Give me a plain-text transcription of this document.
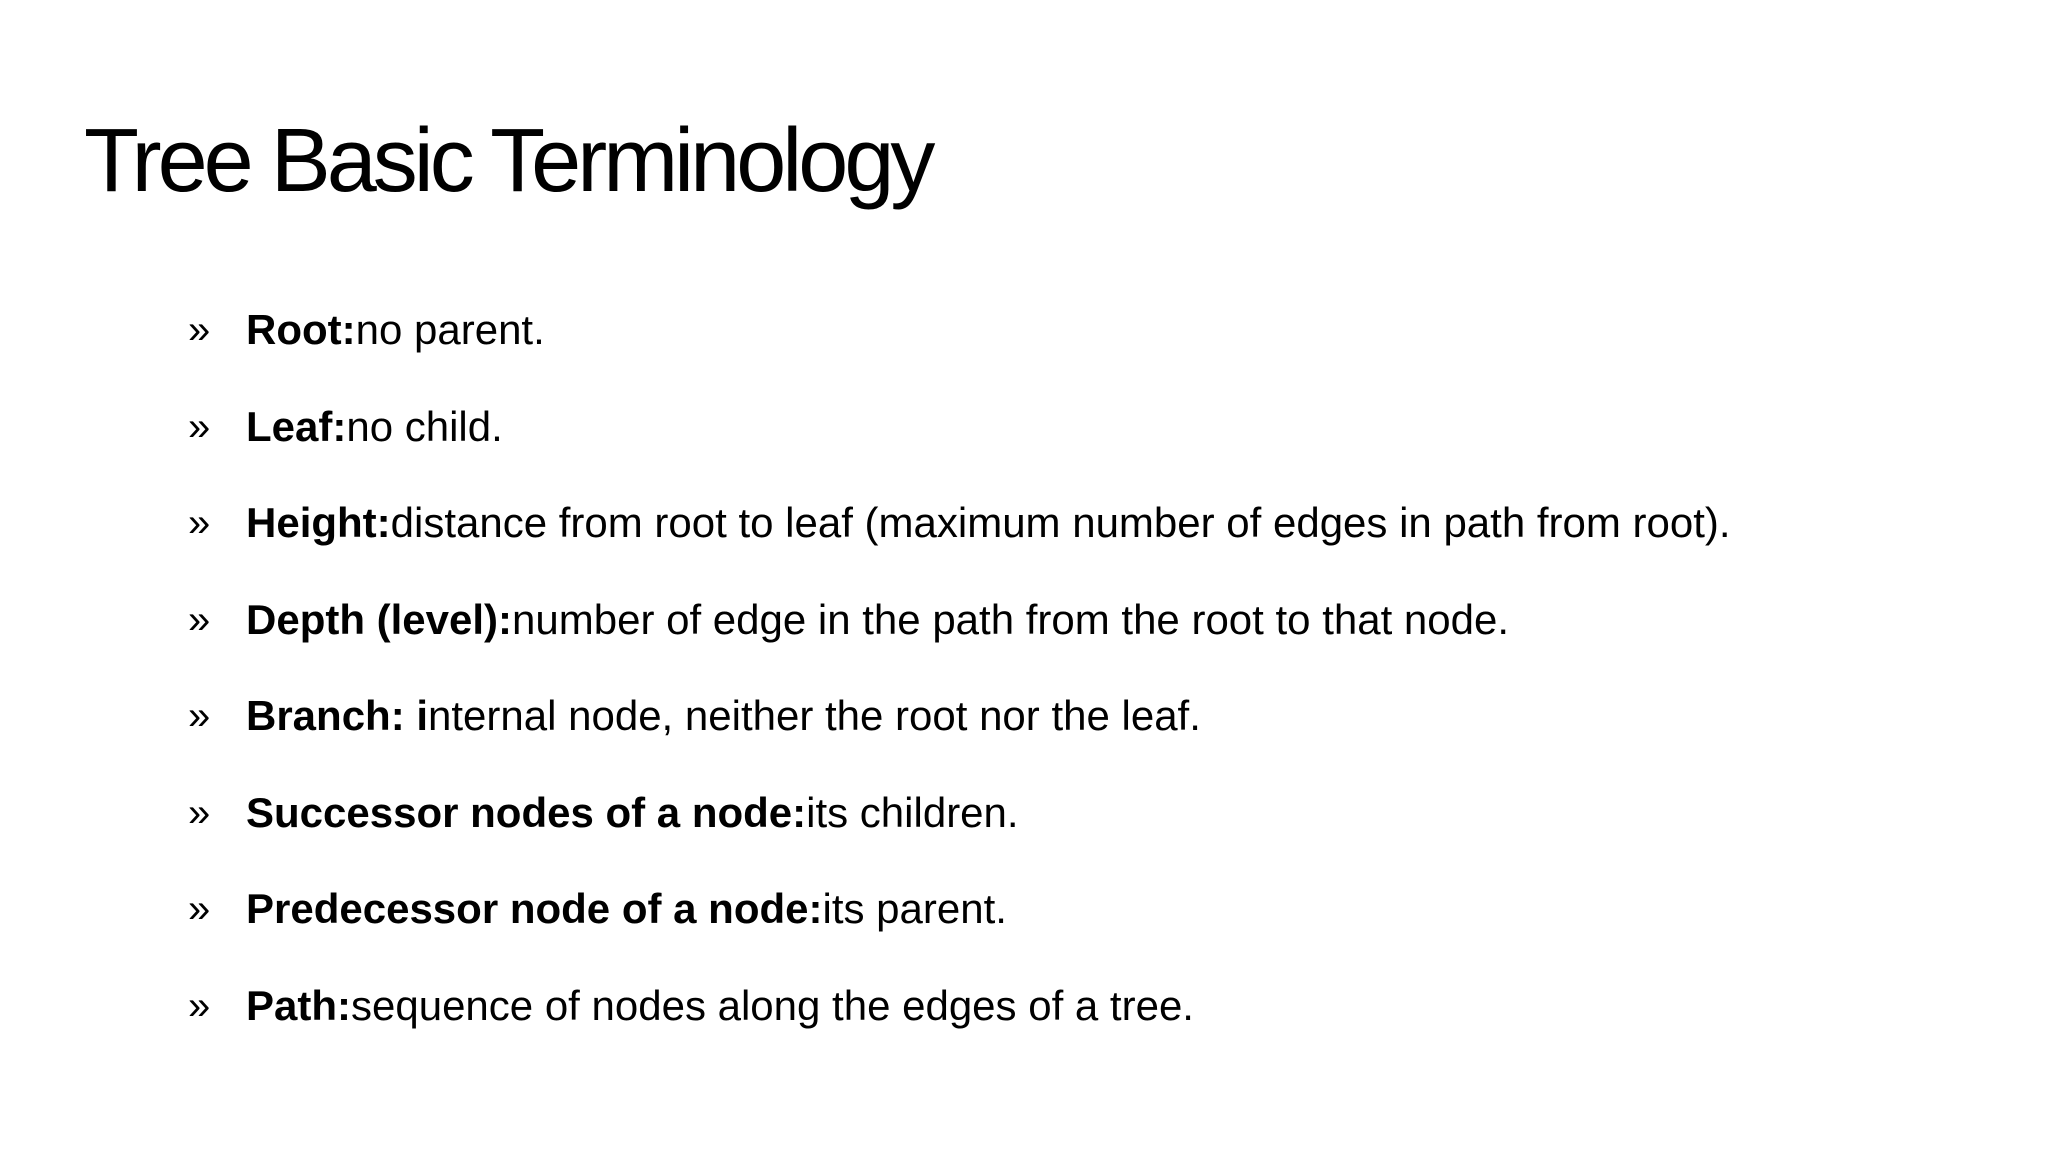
Tree Basic Terminology
» Root: no parent.
» Leaf: no child.
» Height: distance from root to leaf (maximum number of edges in path from root).
» Depth (level): number of edge in the path from the root to that node.
» Branch: i nternal node, neither the root nor the leaf.
» Successor nodes of a node: its children.
» Predecessor node of a node: its parent.
» Path: sequence of nodes along the edges of a tree.
